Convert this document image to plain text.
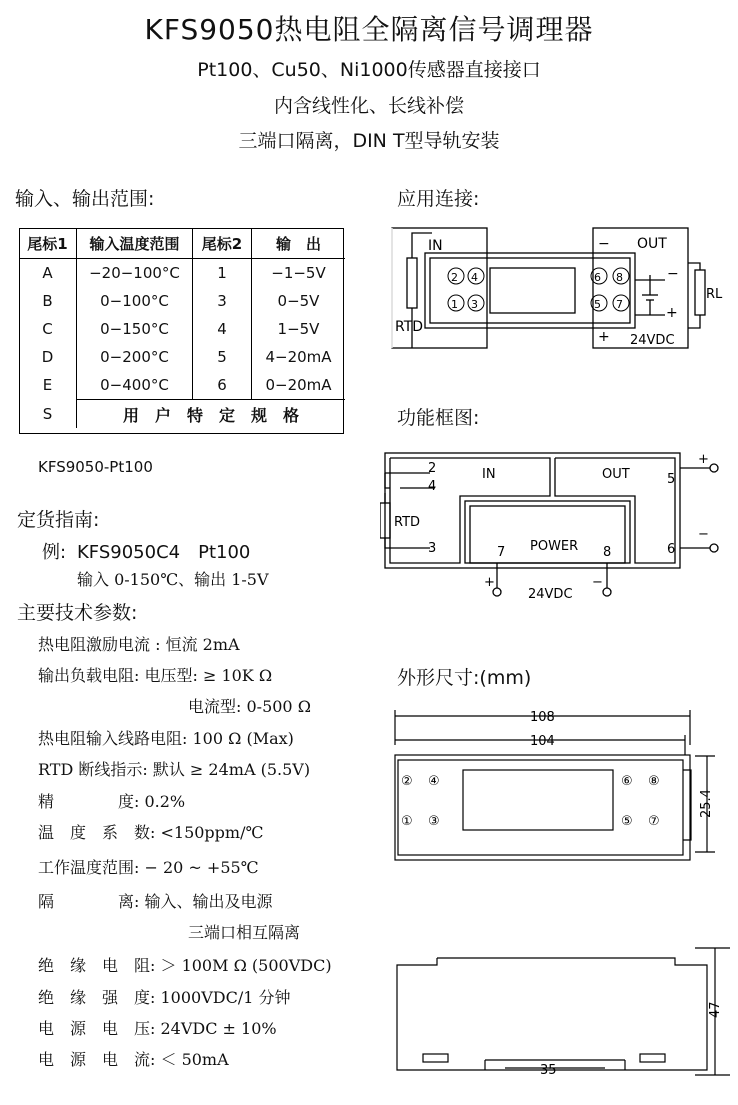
KFS9050热电阻全隔离信号调理器
Pt100、Cu50、Ni1000传感器直接接口
内含线性化、长线补偿
三端口隔离，DIN T型导轨安装
输入、输出范围:
尾标1	输入温度范围	尾标2	输　出
A	−20−100°C	1	−1−5V
B	0−100°C	3	0−5V
C	0−150°C	4	1−5V
D	0−200°C	5	4−20mA
E	0−400°C	6	0−20mA
S	用　户　特　定　规　格		
KFS9050-Pt100
定货指南:
例: KFS9050C4　Pt100
输入 0-150℃、输出 1-5V
主要技术参数:
热电阻激励电流 : 恒流 2mA
输出负载电阻: 电压型: ≥ 10K Ω
电流型: 0-500 Ω
热电阻输入线路电阻: 100 Ω (Max)
RTD 断线指示: 默认 ≥ 24mA (5.5V)
精　　　　度: 0.2%
温　度　系　数: <150ppm/℃
工作温度范围: − 20 ~ +55℃
隔　　　　离: 输入、输出及电源
三端口相互隔离
绝　缘　电　阻: ＞ 100M Ω (500VDC)
绝　缘　强　度: 1000VDC/1 分钟
电　源　电　压: 24VDC ± 10%
电　源　电　流: ＜ 50mA
应用连接:
2 4
1 3
6 8
5 7
IN
RTD
OUT
−
+ 24VDC
RL
−
+
功能框图:
2
4
3
RTD
IN	OUT
POWER
5
6
7	8
+
−
+	−
24VDC
外形尺寸:(mm)
② ④
① ③
⑥ ⑧
⑤ ⑦
108
104
25.4
47
35
